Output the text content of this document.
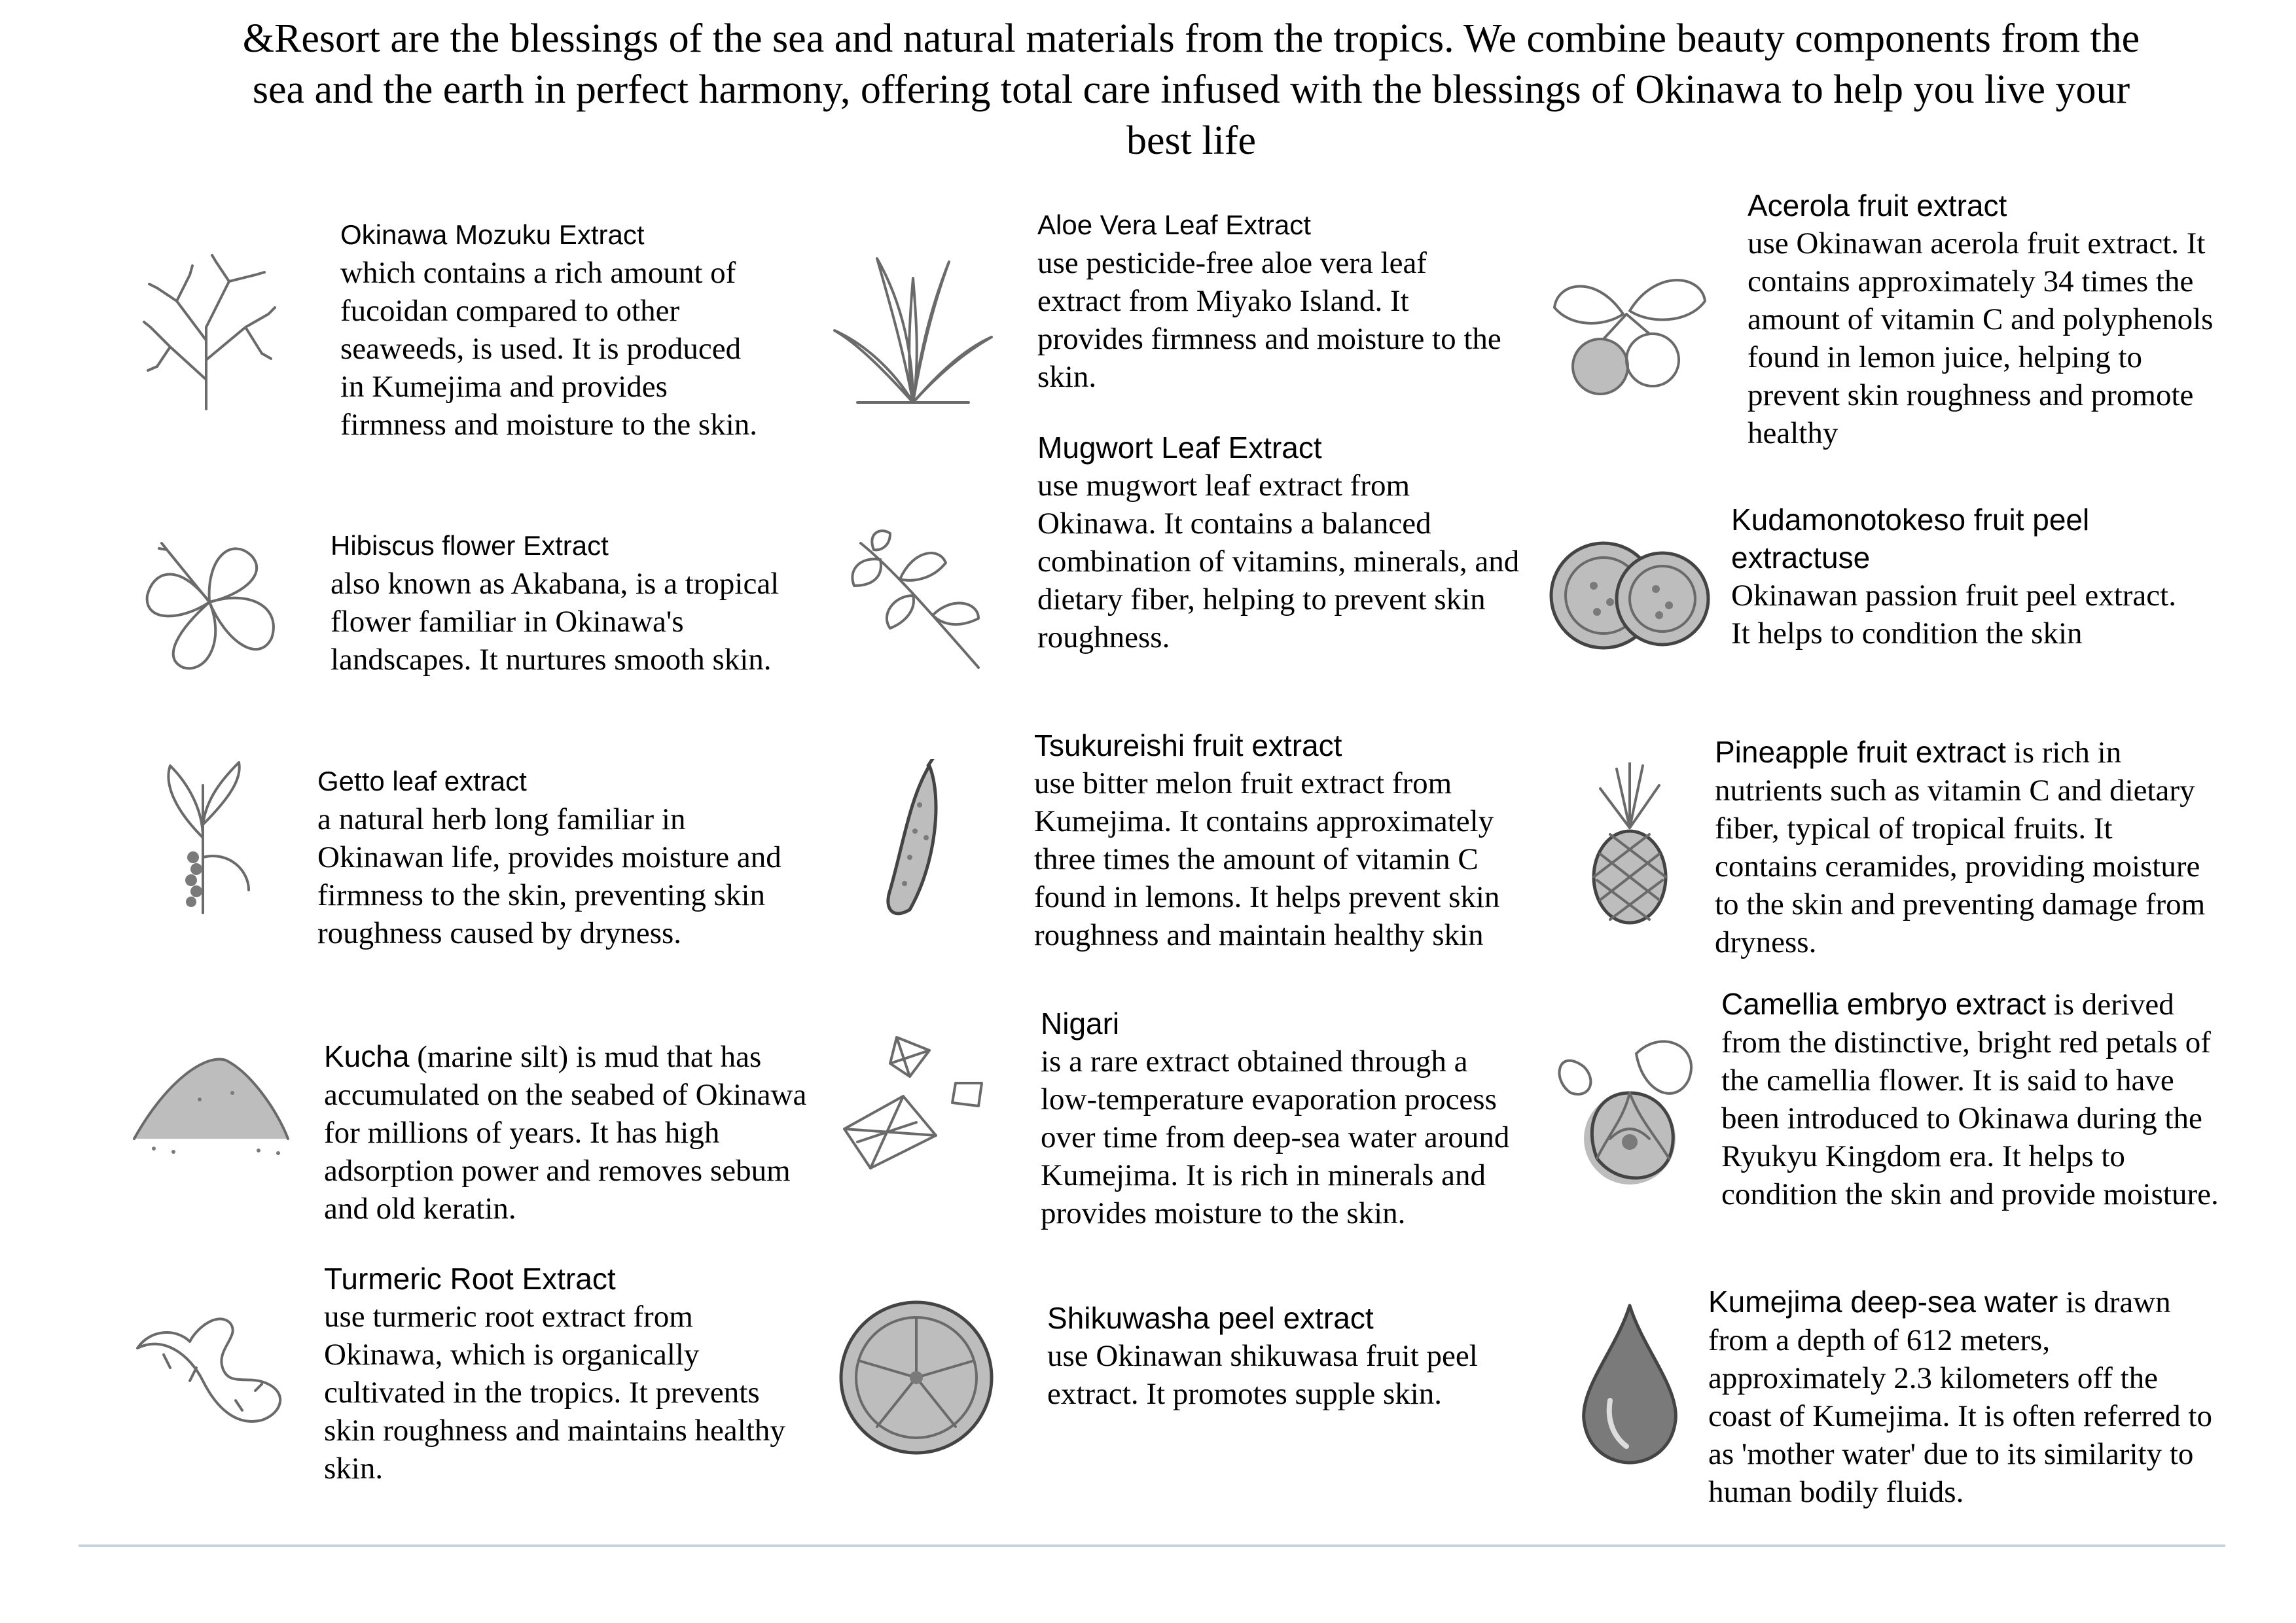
&Resort are the blessings of the sea and natural materials from the tropics. We combine beauty components from the sea and the earth in perfect harmony, offering total care infused with the blessings of Okinawa to help you live your best life

Okinawa Mozuku Extract
which contains a rich amount of fucoidan compared to other seaweeds, is used. It is produced in Kumejima and provides firmness and moisture to the skin.
Hibiscus flower Extract
also known as Akabana, is a tropical flower familiar in Okinawa's landscapes. It nurtures smooth skin.
Getto leaf extract
a natural herb long familiar in Okinawan life, provides moisture and firmness to the skin, preventing skin roughness caused by dryness.
Kucha (marine silt) is mud that has accumulated on the seabed of Okinawa for millions of years. It has high adsorption power and removes sebum and old keratin.
Turmeric Root Extract
use turmeric root extract from Okinawa, which is organically cultivated in the tropics. It prevents skin roughness and maintains healthy skin.
Aloe Vera Leaf Extract
use pesticide-free aloe vera leaf extract from Miyako Island. It provides firmness and moisture to the skin.
Mugwort Leaf Extract
use mugwort leaf extract from Okinawa. It contains a balanced combination of vitamins, minerals, and dietary fiber, helping to prevent skin roughness.
Tsukureishi fruit extract
use bitter melon fruit extract from Kumejima. It contains approximately three times the amount of vitamin C found in lemons. It helps prevent skin roughness and maintain healthy skin
Nigari
is a rare extract obtained through a low-temperature evaporation process over time from deep-sea water around Kumejima. It is rich in minerals and provides moisture to the skin.
Shikuwasha peel extract
use Okinawan shikuwasa fruit peel extract. It promotes supple skin.
Acerola fruit extract
use Okinawan acerola fruit extract. It contains approximately 34 times the amount of vitamin C and polyphenols found in lemon juice, helping to prevent skin roughness and promote healthy
Kudamonotokeso fruit peel extractuse
Okinawan passion fruit peel extract. It helps to condition the skin
Pineapple fruit extract is rich in nutrients such as vitamin C and dietary fiber, typical of tropical fruits. It contains ceramides, providing moisture to the skin and preventing damage from dryness.
Camellia embryo extract is derived from the distinctive, bright red petals of the camellia flower. It is said to have been introduced to Okinawa during the Ryukyu Kingdom era. It helps to condition the skin and provide moisture.
Kumejima deep-sea water is drawn from a depth of 612 meters, approximately 2.3 kilometers off the coast of Kumejima. It is often referred to as 'mother water' due to its similarity to human bodily fluids.
